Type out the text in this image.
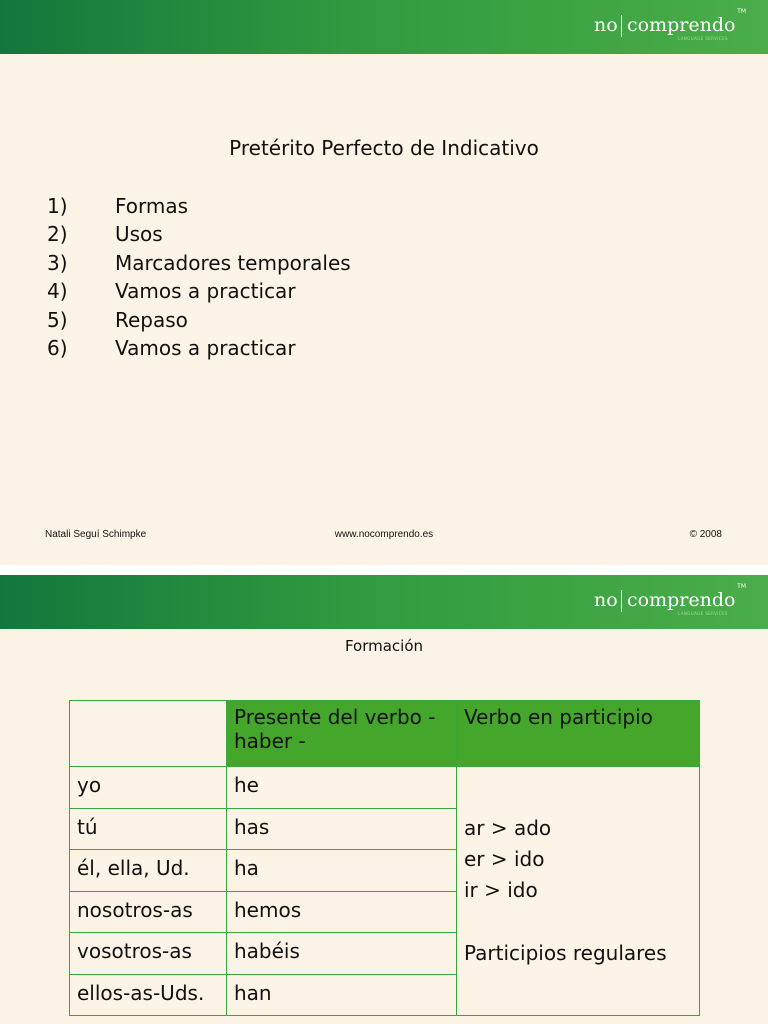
no comprendo
TM
LANGUAGE SERVICES
Pretérito Perfecto de Indicativo
1) Formas
2) Usos
3) Marcadores temporales
4) Vamos a practicar
5) Repaso
6) Vamos a practicar
Natali Seguí Schimpke	www.nocomprendo.es	© 2008
no comprendo
TM
LANGUAGE SERVICES
Formación
	Presente del verbo - haber -	Verbo en participio
yo	he	ar > ado
er > ido
ir > ido
Participios regulares

tú	has	
él, ella, Ud.	ha	
nosotros-as	hemos	
vosotros-as	habéis	
ellos-as-Uds.	han	
